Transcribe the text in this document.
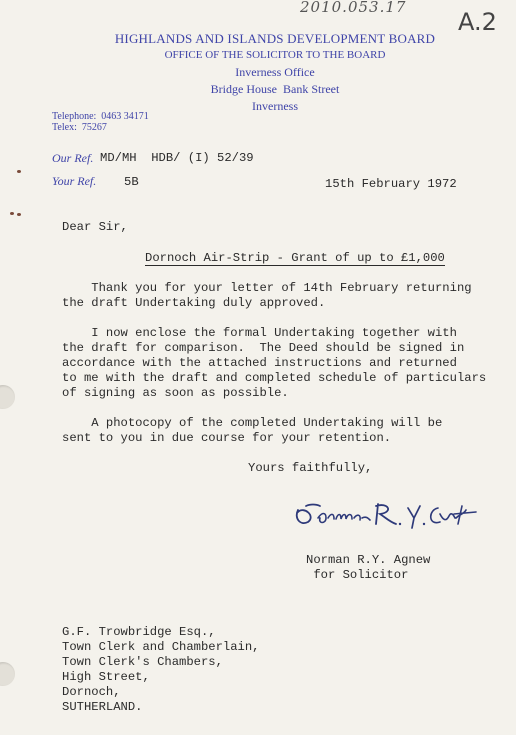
2010.053.17
A.2
HIGHLANDS AND ISLANDS DEVELOPMENT BOARD
OFFICE OF THE SOLICITOR TO THE BOARD
Inverness Office
Bridge House  Bank Street
Inverness
Telephone:  0463 34171
Telex:  75267
Our Ref. MD/MH  HDB/ (I) 52/39
Your Ref. 5B	15th February 1972
Dear Sir,
Dornoch Air-Strip - Grant of up to £1,000
Thank you for your letter of 14th February returning
the draft Undertaking duly approved.
I now enclose the formal Undertaking together with
the draft for comparison.  The Deed should be signed in
accordance with the attached instructions and returned
to me with the draft and completed schedule of particulars
of signing as soon as possible.
A photocopy of the completed Undertaking will be
sent to you in due course for your retention.
Yours faithfully,
Norman R.Y. Agnew
for Solicitor
G.F. Trowbridge Esq.,
Town Clerk and Chamberlain,
Town Clerk's Chambers,
High Street,
Dornoch,
SUTHERLAND.
